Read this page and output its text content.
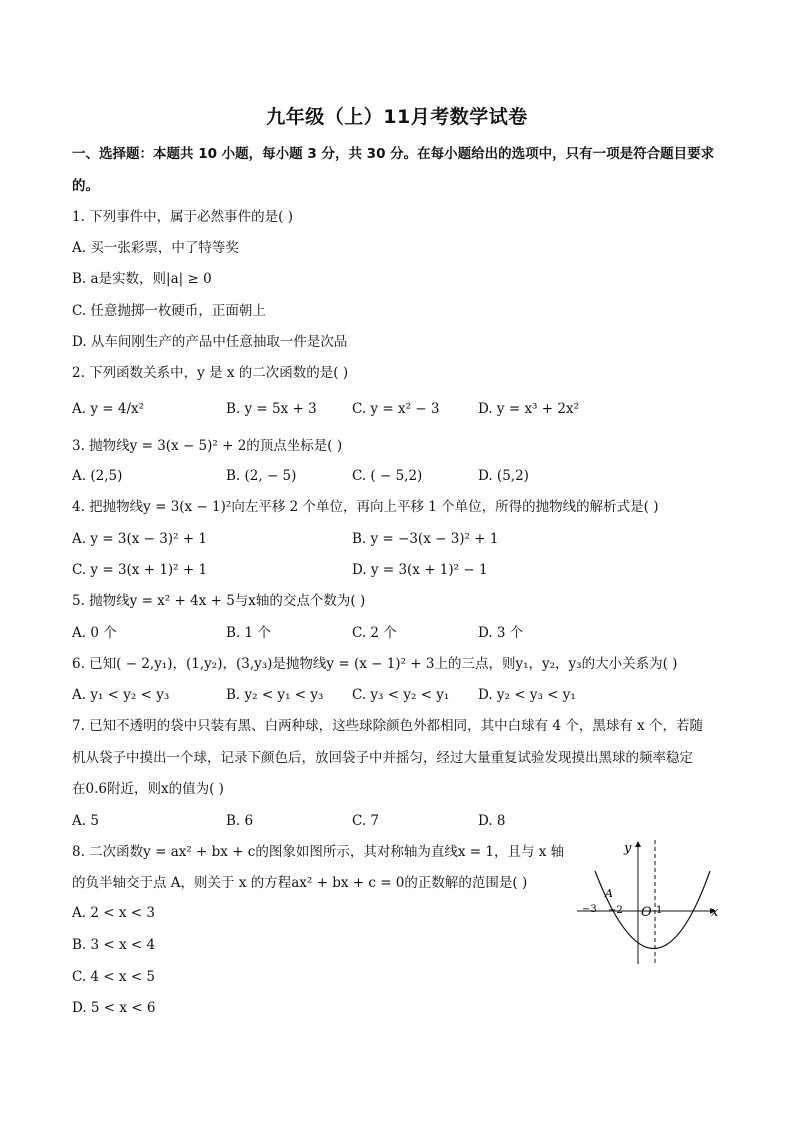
九年级（上）11月考数学试卷
一、选择题：本题共 10 小题，每小题 3 分，共 30 分。在每小题给出的选项中，只有一项是符合题目要求
的。
1. 下列事件中，属于必然事件的是( )
A. 买一张彩票，中了特等奖
B. a是实数，则|a| ≥ 0
C. 任意抛掷一枚硬币，正面朝上
D. 从车间刚生产的产品中任意抽取一件是次品
2. 下列函数关系中，y 是 x 的二次函数的是( )
A. y = 4/x²	B. y = 5x + 3	C. y = x² − 3	D. y = x³ + 2x²
3. 抛物线y = 3(x − 5)² + 2的顶点坐标是( )
A. (2,5)	B. (2, − 5)	C. ( − 5,2)	D. (5,2)
4. 把抛物线y = 3(x − 1)²向左平移 2 个单位，再向上平移 1 个单位，所得的抛物线的解析式是( )
A. y = 3(x − 3)² + 1	B. y = −3(x − 3)² + 1
C. y = 3(x + 1)² + 1	D. y = 3(x + 1)² − 1
5. 抛物线y = x² + 4x + 5与x轴的交点个数为( )
A. 0 个	B. 1 个	C. 2 个	D. 3 个
6. 已知( − 2,y₁)，(1,y₂)，(3,y₃)是抛物线y = (x − 1)² + 3上的三点，则y₁，y₂，y₃的大小关系为( )
A. y₁ < y₂ < y₃	B. y₂ < y₁ < y₃ C. y₃ < y₂ < y₁ D. y₂ < y₃ < y₁
7. 已知不透明的袋中只装有黑、白两种球，这些球除颜色外都相同，其中白球有 4 个，黑球有 x 个，若随
机从袋子中摸出一个球，记录下颜色后，放回袋子中并摇匀，经过大量重复试验发现摸出黑球的频率稳定
在0.6附近，则x的值为( )
A. 5	B. 6	C. 7	D. 8
8. 二次函数y = ax² + bx + c的图象如图所示，其对称轴为直线x = 1，且与 x 轴
的负半轴交于点 A，则关于 x 的方程ax² + bx + c = 0的正数解的范围是( )
A. 2 < x < 3
B. 3 < x < 4
C. 4 < x < 5
D. 5 < x < 6
y
x
O
A
−3 −2	1
